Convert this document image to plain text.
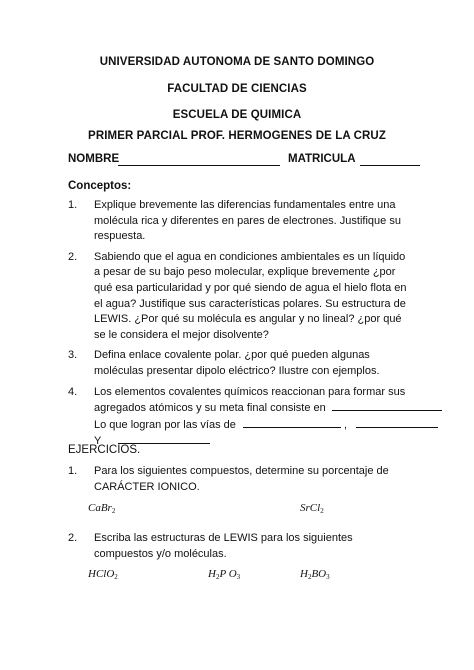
UNIVERSIDAD AUTONOMA DE SANTO DOMINGO
FACULTAD DE CIENCIAS
ESCUELA DE QUIMICA
PRIMER PARCIAL PROF. HERMOGENES DE LA CRUZ
NOMBRE	MATRICULA
Conceptos:
1. Explique brevemente las diferencias fundamentales entre una molécula rica y diferentes en pares de electrones. Justifique su respuesta.
2. Sabiendo que el agua en condiciones ambientales es un líquido a pesar de su bajo peso molecular, explique brevemente ¿por qué esa particularidad y por qué siendo de agua el hielo flota en el agua? Justifique sus características polares. Su estructura de LEWIS. ¿Por qué su molécula es angular y no lineal? ¿por qué se le considera el mejor disolvente?
3. Defina enlace covalente polar. ¿por qué pueden algunas moléculas presentar dipolo eléctrico? Ilustre con ejemplos.
4. Los elementos covalentes químicos reaccionan para formar sus
agregados atómicos y su meta final consiste en
Lo que logran por las vías de	,
Y
EJERCICIOS.
1. Para los siguientes compuestos, determine su porcentaje de CARÁCTER IONICO.
CaBr$_2$	SrCl$_2$
2. Escriba las estructuras de LEWIS para los siguientes compuestos y/o moléculas.
HClO$_2$	$H_2P$ $O_3$	$H_2BO_3$
